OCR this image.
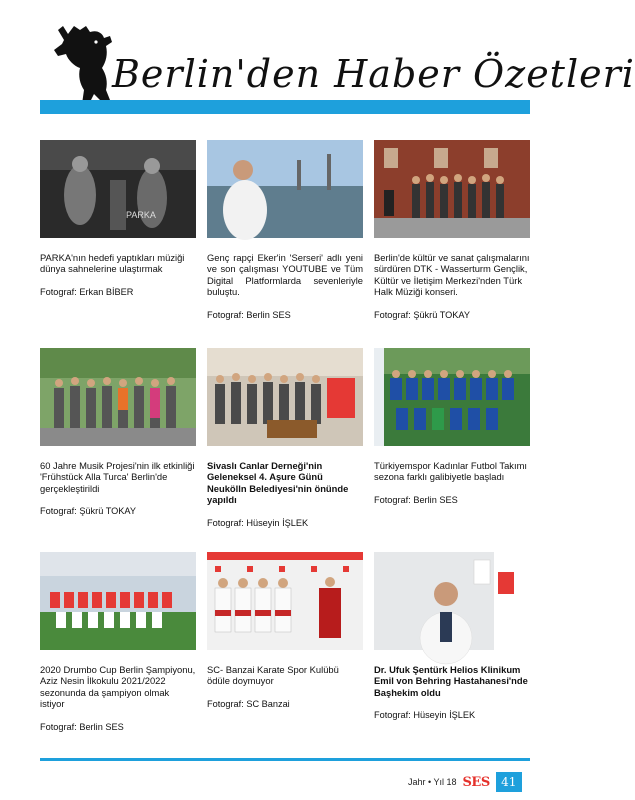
Berlin'den Haber Özetleri
PARKA
PARKA'nın hedefi yaptıkları müziği dünya sahnelerine ulaştırmak
Fotograf: Erkan BİBER
Genç rapçi Eker'in 'Serseri' adlı yeni ve son çalışması YOUTUBE ve Tüm Digital Platformlarda sevenleriyle buluştu.
Fotograf: Berlin SES
Berlin'de kültür ve sanat çalışmalarını sürdüren DTK - Wasserturm Gençlik, Kültür ve İletişim Merkezi'nden Türk Halk Müziği konseri.
Fotograf: Şükrü TOKAY
60 Jahre Musik Projesi'nin ilk etkinliği 'Frühstück Alla Turca' Berlin'de gerçekleştirildi
Fotograf: Şükrü TOKAY
Sivaslı Canlar Derneği'nin Geleneksel 4. Aşure Günü Neukölln Belediyesi'nin önünde yapıldı
Fotograf: Hüseyin İŞLEK
Türkiyemspor Kadınlar Futbol Takımı sezona farklı galibiyetle başladı
Fotograf: Berlin SES
2020 Drumbo Cup Berlin Şampiyonu, Aziz Nesin İlkokulu 2021/2022 sezonunda da şampiyon olmak istiyor
Fotograf: Berlin SES
SC- Banzai Karate Spor Kulübü ödüle doymuyor
Fotograf: SC Banzai
Dr. Ufuk Şentürk Helios Klinikum Emil von Behring Hastahanesi'nde Başhekim oldu
Fotograf: Hüseyin İŞLEK
Jahr • Yıl 18 SES 41
